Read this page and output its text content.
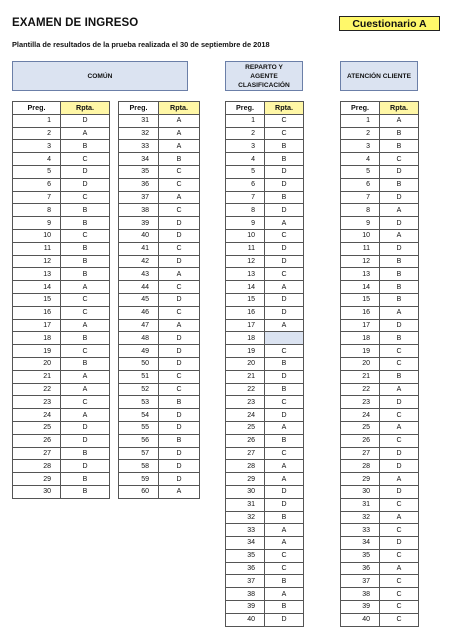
EXAMEN DE INGRESO	Cuestionario A
Plantilla de resultados de la prueba realizada el 30 de septiembre de 2018
COMÚN
REPARTO Y AGENTE CLASIFICACIÓN
ATENCIÓN CLIENTE
Preg.	Rpta.
1	D
2	A
3	B
4	C
5	D
6	D
7	C
8	B
9	B
10	C
11	B
12	B
13	B
14	A
15	C
16	C
17	A
18	B
19	C
20	B
21	A
22	A
23	C
24	A
25	D
26	D
27	B
28	D
29	B
30	B
Preg.	Rpta.
31	A
32	A
33	A
34	B
35	C
36	C
37	A
38	C
39	D
40	D
41	C
42	D
43	A
44	C
45	D
46	C
47	A
48	D
49	D
50	D
51	C
52	C
53	B
54	D
55	D
56	B
57	D
58	D
59	D
60	A
Preg.	Rpta.
1	C
2	C
3	B
4	B
5	D
6	D
7	B
8	D
9	A
10	C
11	D
12	D
13	C
14	A
15	D
16	D
17	A
18	
19	C
20	B
21	D
22	B
23	C
24	D
25	A
26	B
27	C
28	A
29	A
30	D
31	D
32	B
33	A
34	A
35	C
36	C
37	B
38	A
39	B
40	D
Preg.	Rpta.
1	A
2	B
3	B
4	C
5	D
6	B
7	D
8	A
9	D
10	A
11	D
12	B
13	B
14	B
15	B
16	A
17	D
18	B
19	C
20	C
21	B
22	A
23	D
24	C
25	A
26	C
27	D
28	D
29	A
30	D
31	C
32	A
33	C
34	D
35	C
36	A
37	C
38	C
39	C
40	C
